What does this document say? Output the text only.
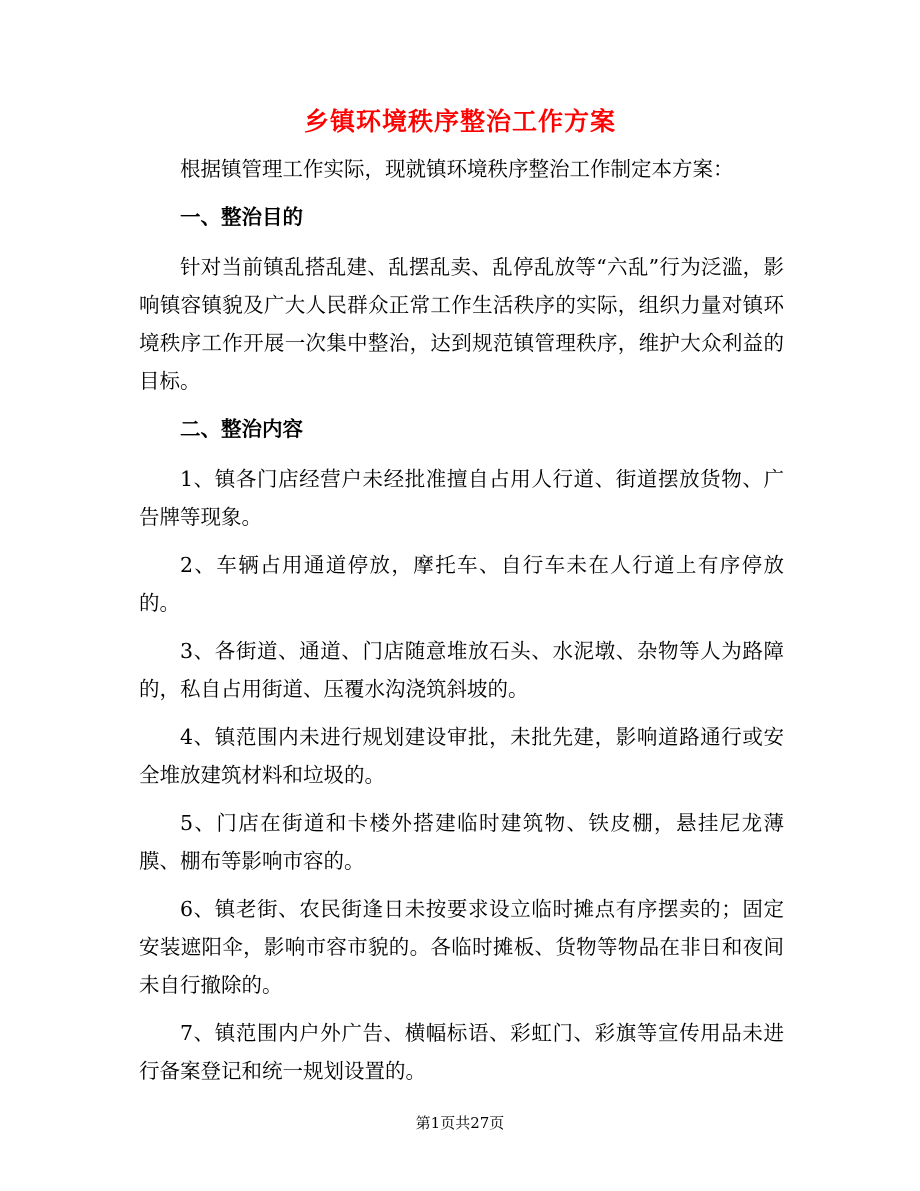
乡镇环境秩序整治工作方案

根据镇管理工作实际，现就镇环境秩序整治工作制定本方案：

一、整治目的

针对当前镇乱搭乱建、乱摆乱卖、乱停乱放等“六乱”行为泛滥，影响镇容镇貌及广大人民群众正常工作生活秩序的实际，组织力量对镇环境秩序工作开展一次集中整治，达到规范镇管理秩序，维护大众利益的目标。

二、整治内容

1、镇各门店经营户未经批准擅自占用人行道、街道摆放货物、广告牌等现象。

2、车辆占用通道停放，摩托车、自行车未在人行道上有序停放的。

3、各街道、通道、门店随意堆放石头、水泥墩、杂物等人为路障的，私自占用街道、压覆水沟浇筑斜坡的。

4、镇范围内未进行规划建设审批，未批先建，影响道路通行或安全堆放建筑材料和垃圾的。

5、门店在街道和卡楼外搭建临时建筑物、铁皮棚，悬挂尼龙薄膜、棚布等影响市容的。

6、镇老街、农民街逢日未按要求设立临时摊点有序摆卖的；固定安装遮阳伞，影响市容市貌的。各临时摊板、货物等物品在非日和夜间未自行撤除的。

7、镇范围内户外广告、横幅标语、彩虹门、彩旗等宣传用品未进行备案登记和统一规划设置的。

第1页共27页
